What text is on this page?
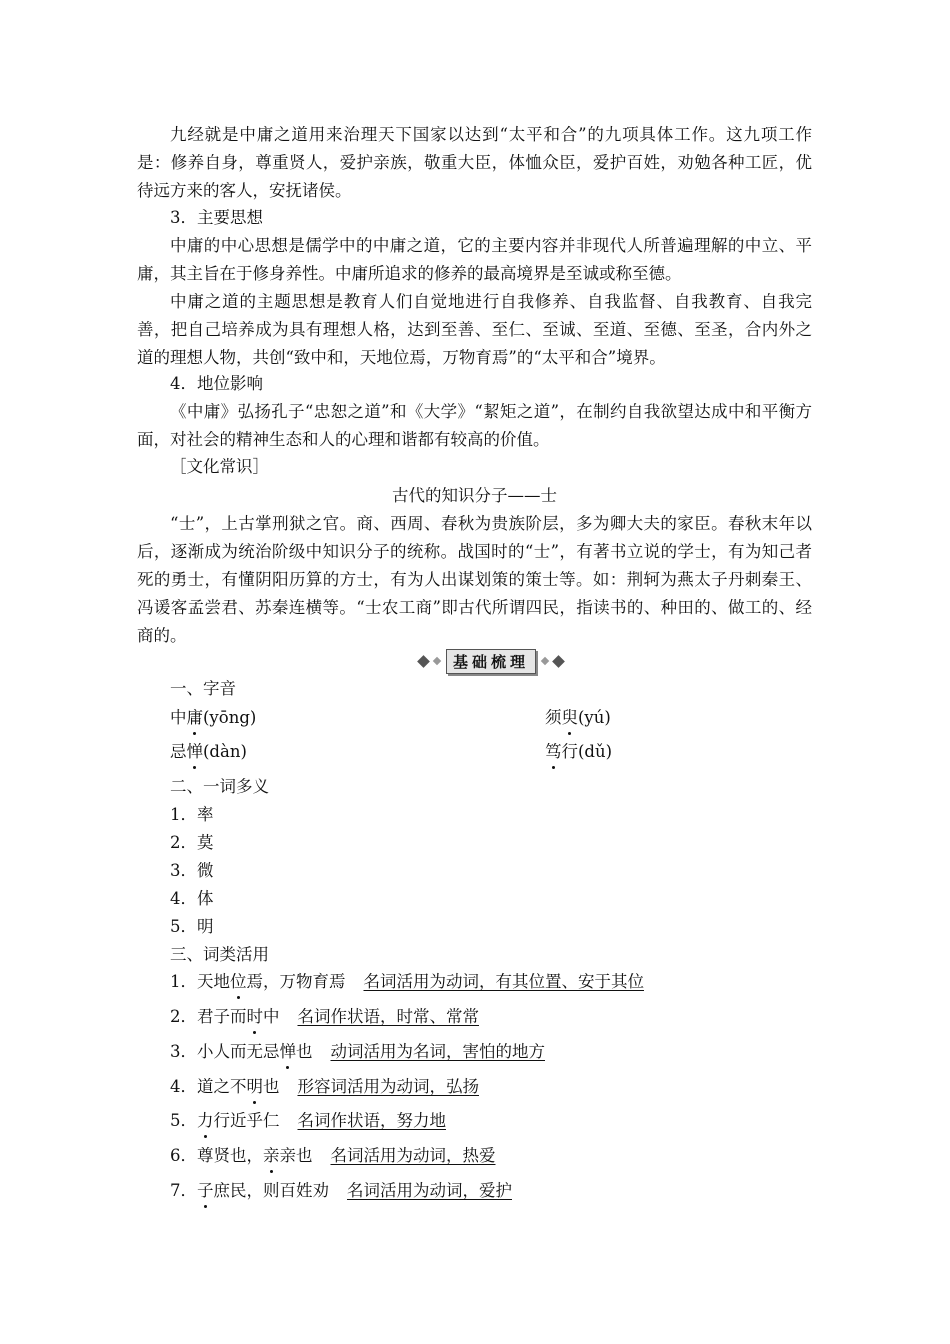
九经就是中庸之道用来治理天下国家以达到“太平和合”的九项具体工作。这九项工作是：修养自身，尊重贤人，爱护亲族，敬重大臣，体恤众臣，爱护百姓，劝勉各种工匠，优待远方来的客人，安抚诸侯。

3．主要思想

中庸的中心思想是儒学中的中庸之道，它的主要内容并非现代人所普遍理解的中立、平庸，其主旨在于修身养性。中庸所追求的修养的最高境界是至诚或称至德。

中庸之道的主题思想是教育人们自觉地进行自我修养、自我监督、自我教育、自我完善，把自己培养成为具有理想人格，达到至善、至仁、至诚、至道、至德、至圣，合内外之道的理想人物，共创“致中和，天地位焉，万物育焉”的“太平和合”境界。

4．地位影响

《中庸》弘扬孔子“忠恕之道”和《大学》“絜矩之道”，在制约自我欲望达成中和平衡方面，对社会的精神生态和人的心理和谐都有较高的价值。

［文化常识］

古代的知识分子——士

“士”，上古掌刑狱之官。商、西周、春秋为贵族阶层，多为卿大夫的家臣。春秋末年以后，逐渐成为统治阶级中知识分子的统称。战国时的“士”，有著书立说的学士，有为知己者死的勇士，有懂阴阳历算的方士，有为人出谋划策的策士等。如：荆轲为燕太子丹刺秦王、冯谖客孟尝君、苏秦连横等。“士农工商”即古代所谓四民，指读书的、种田的、做工的、经商的。

基础梳理

一、字音

中庸(yōng)	须臾(yú)

忌惮(dàn)	笃行(dǔ)

二、一词多义

1．率

2．莫

3．微

4．体

5．明

三、词类活用

1．天地位焉，万物育焉 名词活用为动词，有其位置、安于其位

2．君子而时中 名词作状语，时常、常常

3．小人而无忌惮也 动词活用为名词，害怕的地方

4．道之不明也 形容词活用为动词，弘扬

5．力行近乎仁 名词作状语，努力地

6．尊贤也，亲亲也 名词活用为动词，热爱

7．子庶民，则百姓劝 名词活用为动词，爱护
